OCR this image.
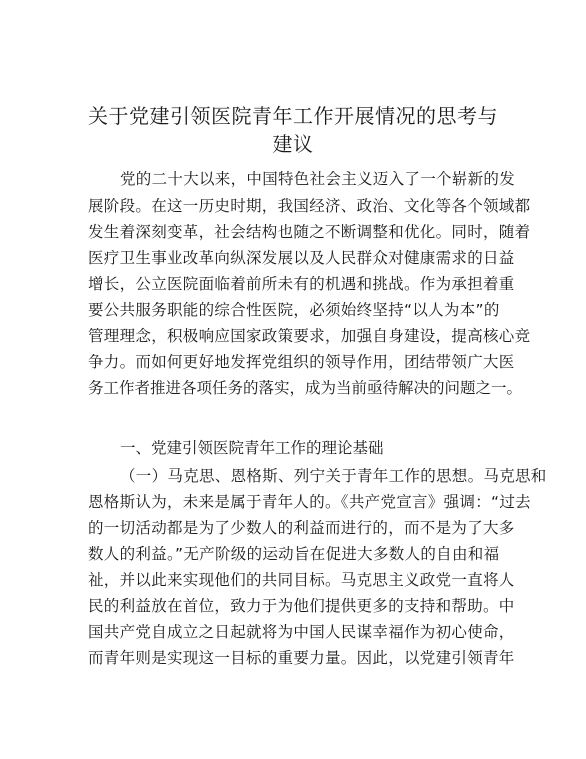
关于党建引领医院青年工作开展情况的思考与
建议
党的二十大以来，中国特色社会主义迈入了一个崭新的发
展阶段。在这一历史时期，我国经济、政治、文化等各个领域都
发生着深刻变革，社会结构也随之不断调整和优化。同时，随着
医疗卫生事业改革向纵深发展以及人民群众对健康需求的日益
增长，公立医院面临着前所未有的机遇和挑战。作为承担着重
要公共服务职能的综合性医院，必须始终坚持“以人为本”的
管理理念，积极响应国家政策要求，加强自身建设，提高核心竞
争力。而如何更好地发挥党组织的领导作用，团结带领广大医
务工作者推进各项任务的落实，成为当前亟待解决的问题之一。
一、党建引领医院青年工作的理论基础
（一）马克思、恩格斯、列宁关于青年工作的思想。马克思和
恩格斯认为，未来是属于青年人的。《共产党宣言》强调：“过去
的一切活动都是为了少数人的利益而进行的，而不是为了大多
数人的利益。”无产阶级的运动旨在促进大多数人的自由和福
祉，并以此来实现他们的共同目标。马克思主义政党一直将人
民的利益放在首位，致力于为他们提供更多的支持和帮助。中
国共产党自成立之日起就将为中国人民谋幸福作为初心使命，
而青年则是实现这一目标的重要力量。因此，以党建引领青年
